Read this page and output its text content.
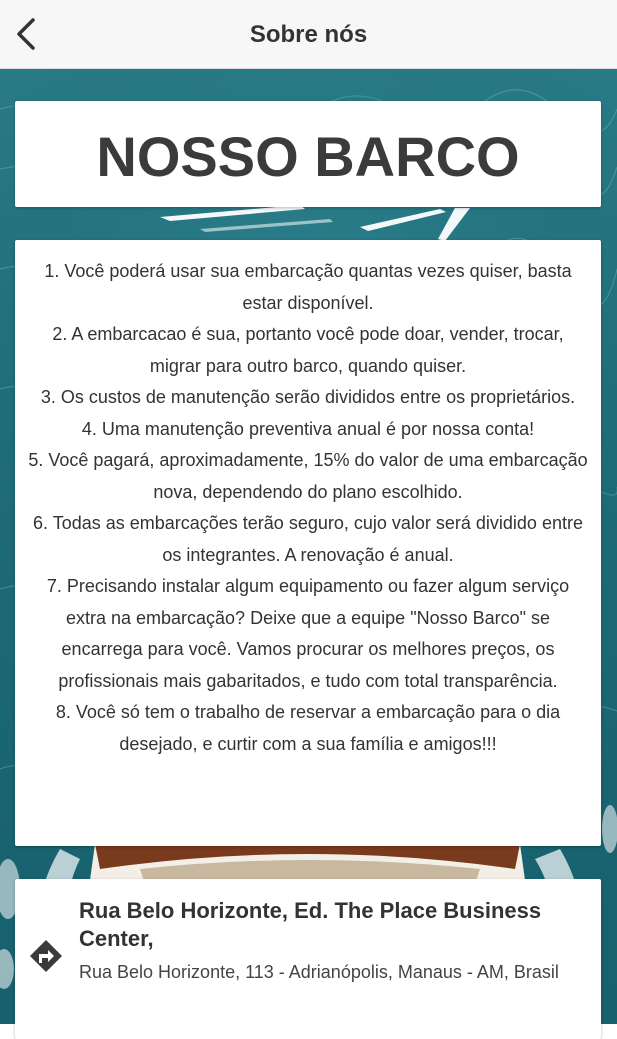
Sobre nós
NOSSO BARCO

1. Você poderá usar sua embarcação quantas vezes quiser, basta estar disponível.

2. A embarcacao é sua, portanto você pode doar, vender, trocar, migrar para outro barco, quando quiser.

3. Os custos de manutenção serão divididos entre os proprietários.

4. Uma manutenção preventiva anual é por nossa conta!

5. Você pagará, aproximadamente, 15% do valor de uma embarcação nova, dependendo do plano escolhido.

6. Todas as embarcações terão seguro, cujo valor será dividido entre os integrantes. A renovação é anual.

7. Precisando instalar algum equipamento ou fazer algum serviço extra na embarcação? Deixe que a equipe "Nosso Barco" se encarrega para você. Vamos procurar os melhores preços, os profissionais mais gabaritados, e tudo com total transparência.

8. Você só tem o trabalho de reservar a embarcação para o dia desejado, e curtir com a sua família e amigos!!!

Rua Belo Horizonte, Ed. The Place Business Center,
Rua Belo Horizonte, 113 - Adrianópolis, Manaus - AM, Brasil
